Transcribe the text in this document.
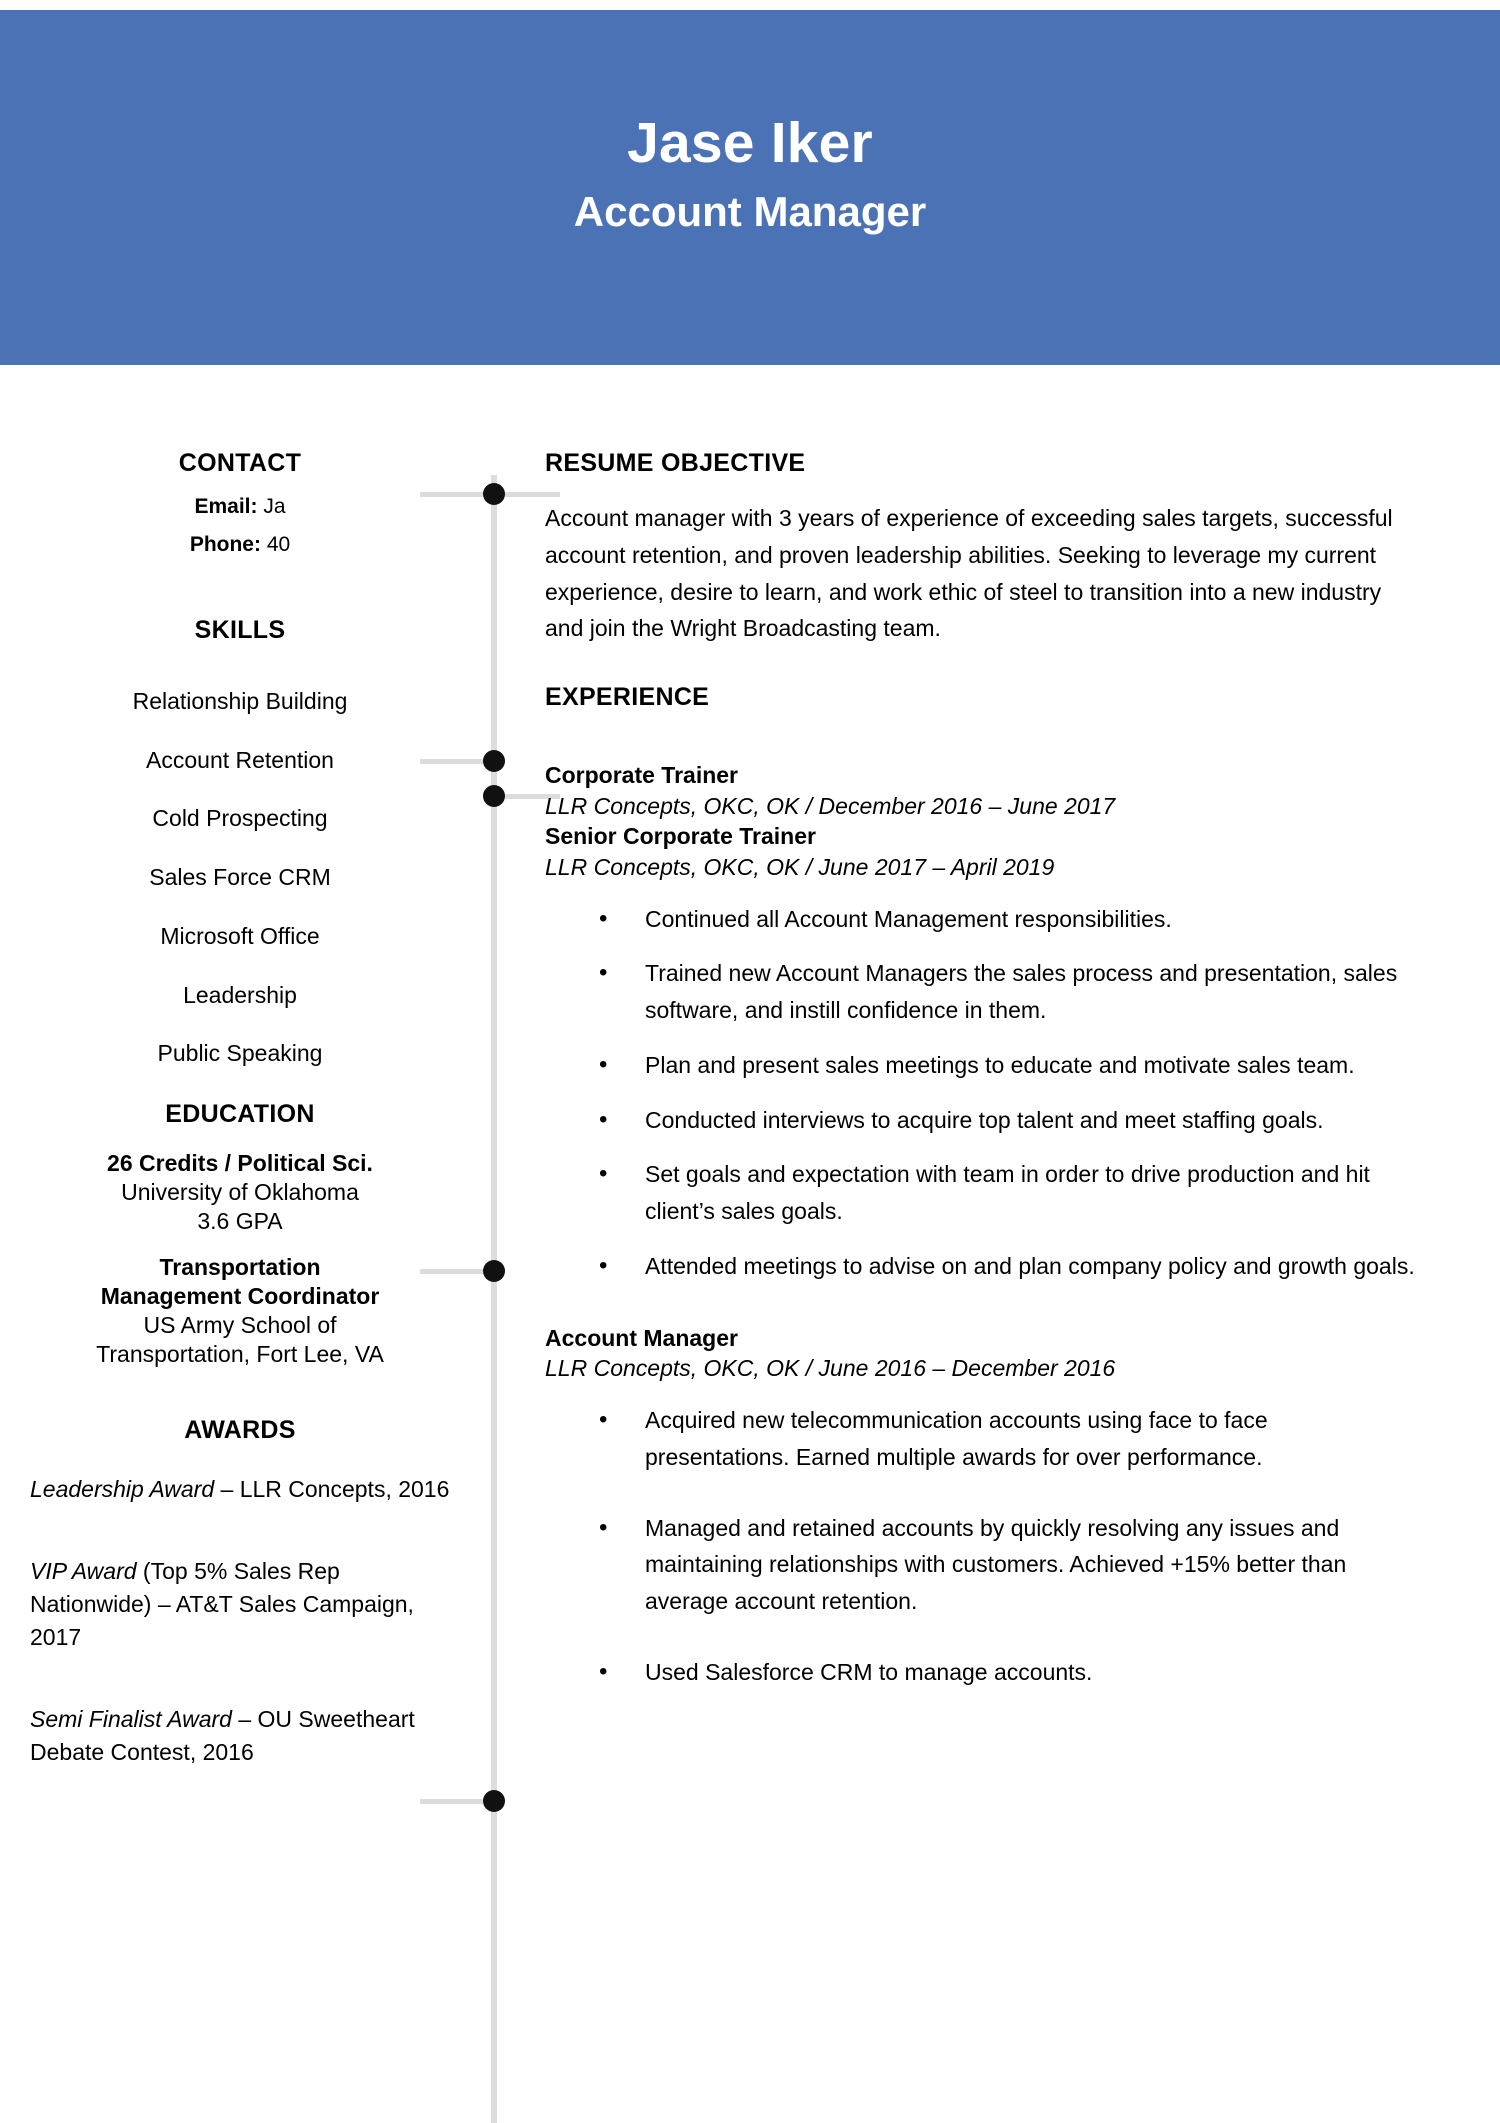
Jase Iker
Account Manager
CONTACT
Email: Ja
Phone: 40
SKILLS
Relationship Building
Account Retention
Cold Prospecting
Sales Force CRM
Microsoft Office
Leadership
Public Speaking
EDUCATION
26 Credits / Political Sci.
University of Oklahoma
3.6 GPA
Transportation
Management Coordinator
US Army School of
Transportation, Fort Lee, VA
AWARDS
Leadership Award – LLR Concepts, 2016
VIP Award (Top 5% Sales Rep Nationwide) – AT&T Sales Campaign, 2017
Semi Finalist Award – OU Sweetheart Debate Contest, 2016
RESUME OBJECTIVE
Account manager with 3 years of experience of exceeding sales targets, successful account retention, and proven leadership abilities. Seeking to leverage my current experience, desire to learn, and work ethic of steel to transition into a new industry and join the Wright Broadcasting team.
EXPERIENCE
Corporate Trainer
LLR Concepts, OKC, OK / December 2016 – June 2017
Senior Corporate Trainer
LLR Concepts, OKC, OK / June 2017 – April 2019
• Continued all Account Management responsibilities.
• Trained new Account Managers the sales process and presentation, sales software, and instill confidence in them.
• Plan and present sales meetings to educate and motivate sales team.
• Conducted interviews to acquire top talent and meet staffing goals.
• Set goals and expectation with team in order to drive production and hit client’s sales goals.
• Attended meetings to advise on and plan company policy and growth goals.
Account Manager
LLR Concepts, OKC, OK / June 2016 – December 2016
• Acquired new telecommunication accounts using face to face presentations. Earned multiple awards for over performance.
• Managed and retained accounts by quickly resolving any issues and maintaining relationships with customers. Achieved +15% better than average account retention.
• Used Salesforce CRM to manage accounts.
